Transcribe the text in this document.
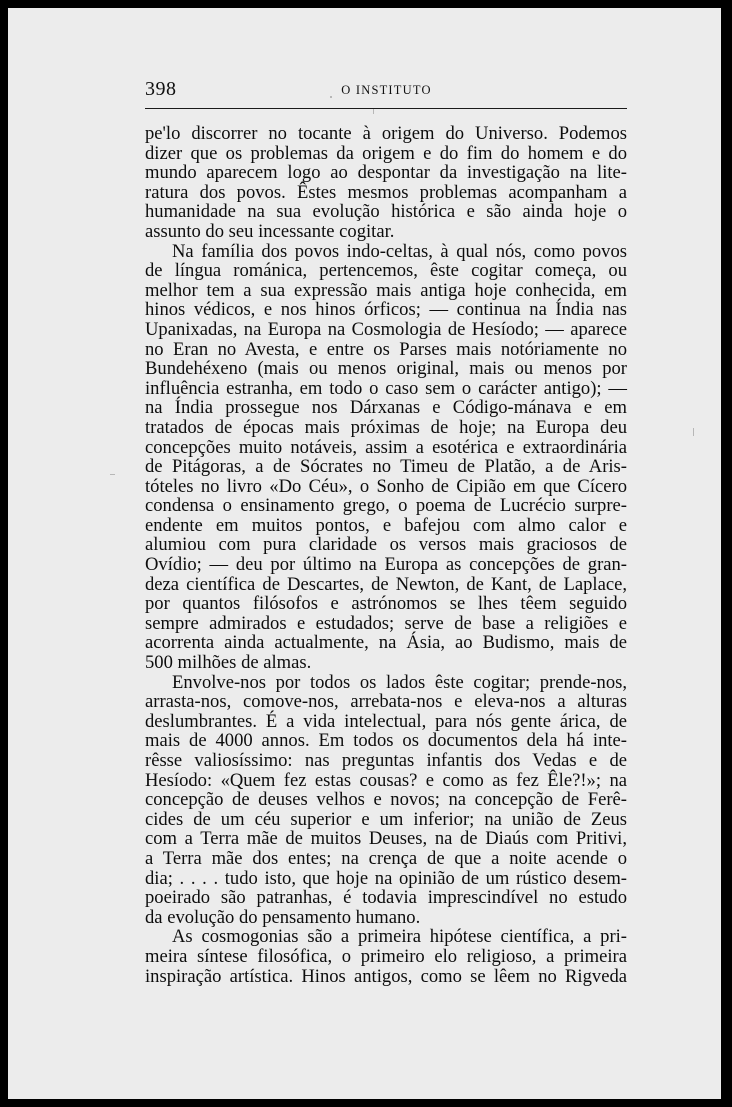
398	O INSTITUTO

pe'lo discorrer no tocante à origem do Universo. Podemos
dizer que os problemas da origem e do fim do homem e do
mundo aparecem logo ao despontar da investigação na lite-
ratura dos povos. Êstes mesmos problemas acompanham a
humanidade na sua evolução histórica e são ainda hoje o
assunto do seu incessante cogitar.

Na família dos povos indo-celtas, à qual nós, como povos
de língua románica, pertencemos, êste cogitar começa, ou
melhor tem a sua expressão mais antiga hoje conhecida, em
hinos védicos, e nos hinos órficos; — continua na Índia nas
Upanixadas, na Europa na Cosmologia de Hesíodo; — aparece
no Eran no Avesta, e entre os Parses mais notóriamente no
Bundehéxeno (mais ou menos original, mais ou menos por
influência estranha, em todo o caso sem o carácter antigo); —
na Índia prossegue nos Dárxanas e Código-mánava e em
tratados de épocas mais próximas de hoje; na Europa deu
concepções muito notáveis, assim a esotérica e extraordinária
de Pitágoras, a de Sócrates no Timeu de Platão, a de Aris-
tóteles no livro «Do Céu», o Sonho de Cipião em que Cícero
condensa o ensinamento grego, o poema de Lucrécio surpre-
endente em muitos pontos, e bafejou com almo calor e
alumiou com pura claridade os versos mais graciosos de
Ovídio; — deu por último na Europa as concepções de gran-
deza científica de Descartes, de Newton, de Kant, de Laplace,
por quantos filósofos e astrónomos se lhes têem seguido
sempre admirados e estudados; serve de base a religiões e
acorrenta ainda actualmente, na Ásia, ao Budismo, mais de
500 milhões de almas.

Envolve-nos por todos os lados êste cogitar; prende-nos,
arrasta-nos, comove-nos, arrebata-nos e eleva-nos a alturas
deslumbrantes. É a vida intelectual, para nós gente árica, de
mais de 4000 annos. Em todos os documentos dela há inte-
rêsse valiosíssimo: nas preguntas infantis dos Vedas e de
Hesíodo: «Quem fez estas cousas? e como as fez Êle?!»; na
concepção de deuses velhos e novos; na concepção de Ferê-
cides de um céu superior e um inferior; na união de Zeus
com a Terra mãe de muitos Deuses, na de Diaús com Pritivi,
a Terra mãe dos entes; na crença de que a noite acende o
dia; . . . . tudo isto, que hoje na opinião de um rústico desem-
poeirado são patranhas, é todavia imprescindível no estudo
da evolução do pensamento humano.

As cosmogonias são a primeira hipótese científica, a pri-
meira síntese filosófica, o primeiro elo religioso, a primeira
inspiração artística. Hinos antigos, como se lêem no Rigveda
